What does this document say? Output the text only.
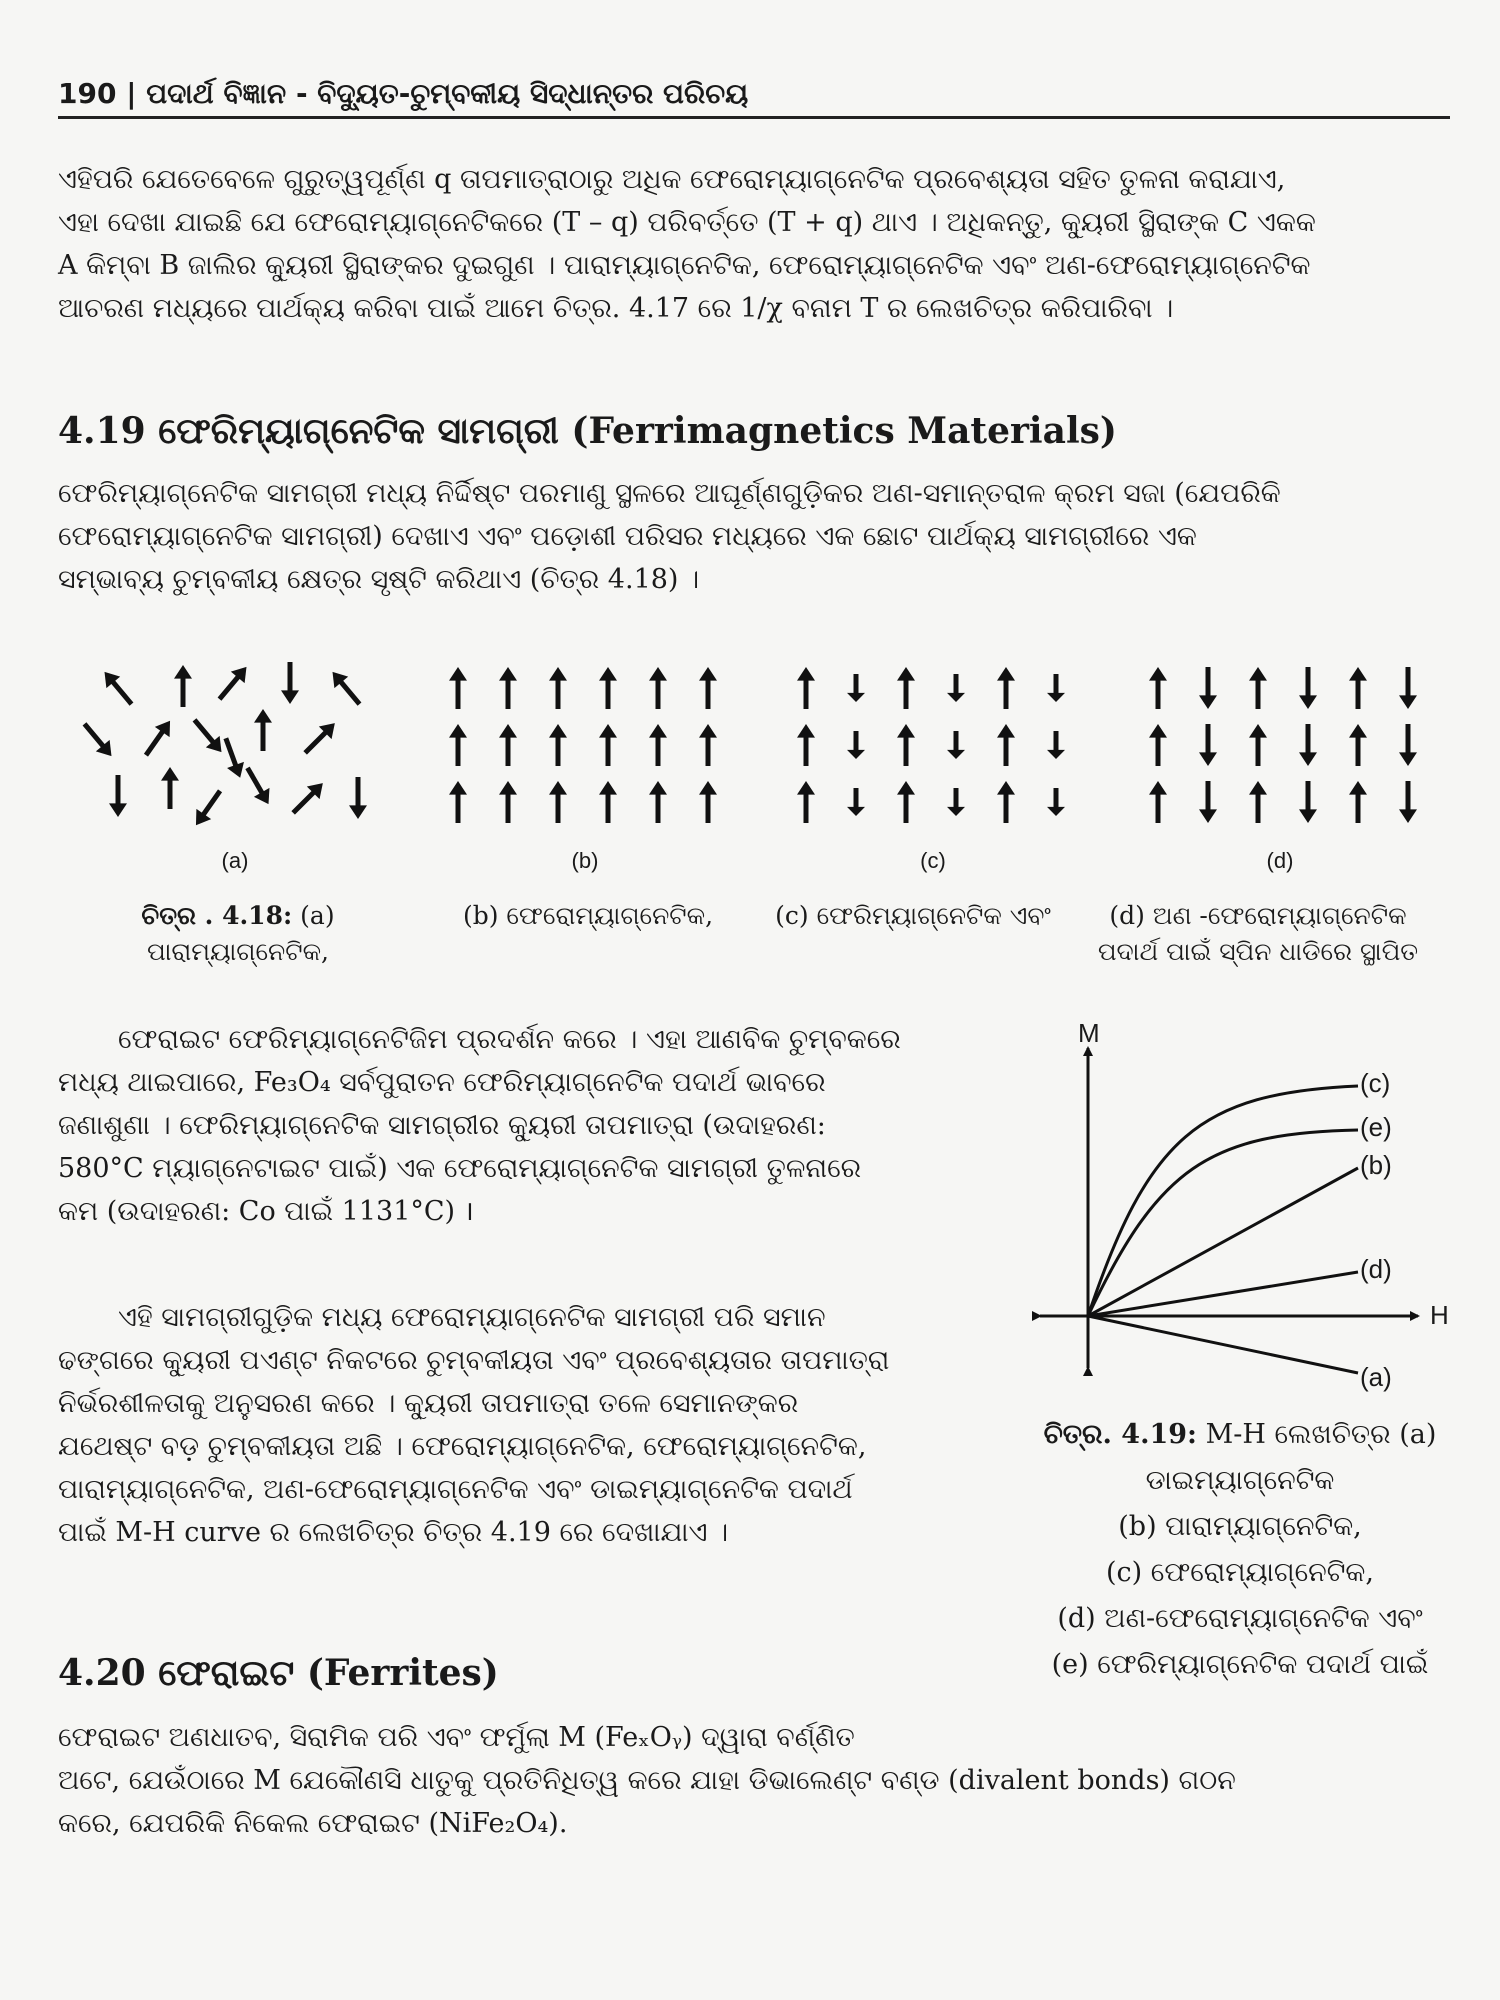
190 | ପଦାର୍ଥ ବିଜ୍ଞାନ - ବିଦ୍ୟୁତ-ଚୁମ୍ବକୀୟ ସିଦ୍ଧାନ୍ତର ପରିଚୟ

ଏହିପରି ଯେତେବେଳେ ଗୁରୁତ୍ୱପୂର୍ଣ୍ଣ q ତାପମାତ୍ରାଠାରୁ ଅଧିକ ଫେରୋମ୍ୟାଗ୍ନେଟିକ ପ୍ରବେଶ୍ୟତା ସହିତ ତୁଳନା କରାଯାଏ,
ଏହା ଦେଖା ଯାଇଛି ଯେ ଫେରୋମ୍ୟାଗ୍ନେଟିକରେ (T – q) ପରିବର୍ତ୍ତେ (T + q) ଥାଏ । ଅଧିକନ୍ତୁ, କ୍ୟୁରୀ ସ୍ଥିରାଙ୍କ C ଏକକ
A କିମ୍ବା B ଜାଲିର କ୍ୟୁରୀ ସ୍ଥିରାଙ୍କର ଦୁଇଗୁଣ । ପାରାମ୍ୟାଗ୍ନେଟିକ, ଫେରୋମ୍ୟାଗ୍ନେଟିକ ଏବଂ ଅଣ-ଫେରୋମ୍ୟାଗ୍ନେଟିକ
ଆଚରଣ ମଧ୍ୟରେ ପାର୍ଥକ୍ୟ କରିବା ପାଇଁ ଆମେ ଚିତ୍ର. 4.17 ରେ 1/χ ବନାମ T ର ଲେଖଚିତ୍ର କରିପାରିବା ।

4.19 ଫେରିମ୍ୟାଗ୍ନେଟିକ ସାମଗ୍ରୀ (Ferrimagnetics Materials)

ଫେରିମ୍ୟାଗ୍ନେଟିକ ସାମଗ୍ରୀ ମଧ୍ୟ ନିର୍ଦ୍ଦିଷ୍ଟ ପରମାଣୁ ସ୍ଥଳରେ ଆଘୂର୍ଣ୍ଣଗୁଡ଼ିକର ଅଣ-ସମାନ୍ତରାଳ କ୍ରମ ସଜା (ଯେପରିକି
ଫେରୋମ୍ୟାଗ୍ନେଟିକ ସାମଗ୍ରୀ) ଦେଖାଏ ଏବଂ ପଡ଼ୋଶୀ ପରିସର ମଧ୍ୟରେ ଏକ ଛୋଟ ପାର୍ଥକ୍ୟ ସାମଗ୍ରୀରେ ଏକ
ସମ୍ଭାବ୍ୟ ଚୁମ୍ବକୀୟ କ୍ଷେତ୍ର ସୃଷ୍ଟି କରିଥାଏ (ଚିତ୍ର 4.18) ।

(a)	(b)	(c)	(d)
ଚିତ୍ର . 4.18: (a)
ପାରାମ୍ୟାଗ୍ନେଟିକ,
(b) ଫେରୋମ୍ୟାଗ୍ନେଟିକ,	(c) ଫେରିମ୍ୟାଗ୍ନେଟିକ ଏବଂ	(d) ଅଣ -ଫେରୋମ୍ୟାଗ୍ନେଟିକ
ପଦାର୍ଥ ପାଇଁ ସ୍ପିନ ଧାଡିରେ ସ୍ଥାପିତ

ଫେରାଇଟ ଫେରିମ୍ୟାଗ୍ନେଟିଜିମ ପ୍ରଦର୍ଶନ କରେ । ଏହା ଆଣବିକ ଚୁମ୍ବକରେ
ମଧ୍ୟ ଥାଇପାରେ, Fe₃O₄ ସର୍ବପୁରାତନ ଫେରିମ୍ୟାଗ୍ନେଟିକ ପଦାର୍ଥ ଭାବରେ
ଜଣାଶୁଣା । ଫେରିମ୍ୟାଗ୍ନେଟିକ ସାମଗ୍ରୀର କ୍ୟୁରୀ ତାପମାତ୍ରା (ଉଦାହରଣ:
580°C ମ୍ୟାଗ୍ନେଟାଇଟ ପାଇଁ) ଏକ ଫେରୋମ୍ୟାଗ୍ନେଟିକ ସାମଗ୍ରୀ ତୁଳନାରେ
କମ (ଉଦାହରଣ: Co ପାଇଁ 1131°C) ।

ଏହି ସାମଗ୍ରୀଗୁଡ଼ିକ ମଧ୍ୟ ଫେରୋମ୍ୟାଗ୍ନେଟିକ ସାମଗ୍ରୀ ପରି ସମାନ
ଢଙ୍ଗରେ କ୍ୟୁରୀ ପଏଣ୍ଟ ନିକଟରେ ଚୁମ୍ବକୀୟତା ଏବଂ ପ୍ରବେଶ୍ୟତାର ତାପମାତ୍ରା
ନିର୍ଭରଶୀଳତାକୁ ଅନୁସରଣ କରେ । କ୍ୟୁରୀ ତାପମାତ୍ରା ତଳେ ସେମାନଙ୍କର
ଯଥେଷ୍ଟ ବଡ଼ ଚୁମ୍ବକୀୟତା ଅଛି । ଫେରୋମ୍ୟାଗ୍ନେଟିକ, ଫେରୋମ୍ୟାଗ୍ନେଟିକ,
ପାରାମ୍ୟାଗ୍ନେଟିକ, ଅଣ-ଫେରୋମ୍ୟାଗ୍ନେଟିକ ଏବଂ ଡାଇମ୍ୟାଗ୍ନେଟିକ ପଦାର୍ଥ
ପାଇଁ M-H curve ର ଲେଖଚିତ୍ର ଚିତ୍ର 4.19 ରେ ଦେଖାଯାଏ ।

M
H
(c)
(e)
(b)
(d)
(a)
ଚିତ୍ର. 4.19: M-H ଲେଖଚିତ୍ର (a)
ଡାଇମ୍ୟାଗ୍ନେଟିକ
(b) ପାରାମ୍ୟାଗ୍ନେଟିକ,
(c) ଫେରୋମ୍ୟାଗ୍ନେଟିକ,
(d) ଅଣ-ଫେରୋମ୍ୟାଗ୍ନେଟିକ ଏବଂ
(e) ଫେରିମ୍ୟାଗ୍ନେଟିକ ପଦାର୍ଥ ପାଇଁ
4.20 ଫେରାଇଟ (Ferrites)

ଫେରାଇଟ ଅଣଧାତବ, ସିରାମିକ ପରି ଏବଂ ଫର୍ମୁଲା M (FeₓOᵧ) ଦ୍ୱାରା ବର୍ଣ୍ଣିତ
ଅଟେ, ଯେଉଁଠାରେ M ଯେକୌଣସି ଧାତୁକୁ ପ୍ରତିନିଧିତ୍ୱ କରେ ଯାହା ଡିଭାଲେଣ୍ଟ ବଣ୍ଡ (divalent bonds) ଗଠନ
କରେ, ଯେପରିକି ନିକେଲ ଫେରାଇଟ (NiFe₂O₄).
